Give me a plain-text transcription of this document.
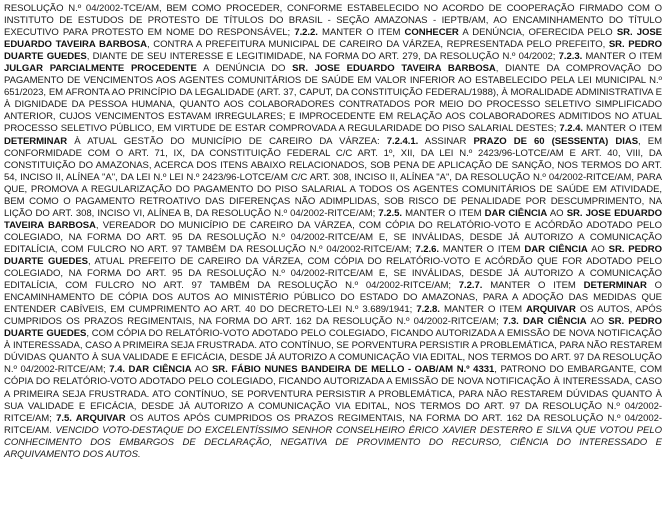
RESOLUÇÃO N.º 04/2002-TCE/AM, BEM COMO PROCEDER, CONFORME ESTABELECIDO NO ACORDO DE COOPERAÇÃO FIRMADO COM O INSTITUTO DE ESTUDOS DE PROTESTO DE TÍTULOS DO BRASIL - SEÇÃO AMAZONAS - IEPTB/AM, AO ENCAMINHAMENTO DO TÍTULO EXECUTIVO PARA PROTESTO EM NOME DO RESPONSÁVEL; 7.2.2. MANTER O ITEM CONHECER A DENÚNCIA, OFERECIDA PELO SR. JOSE EDUARDO TAVEIRA BARBOSA, CONTRA A PREFEITURA MUNICIPAL DE CAREIRO DA VÁRZEA, REPRESENTADA PELO PREFEITO, SR. PEDRO DUARTE GUEDES, DIANTE DE SEU INTERESSE E LEGITIMIDADE, NA FORMA DO ART. 279, DA RESOLUÇÃO N.º 04/2002; 7.2.3. MANTER O ITEM JULGAR PARCIALMENTE PROCEDENTE A DENÚNCIA DO SR. JOSE EDUARDO TAVEIRA BARBOSA, DIANTE DA COMPROVAÇÃO DO PAGAMENTO DE VENCIMENTOS AOS AGENTES COMUNITÁRIOS DE SAÚDE EM VALOR INFERIOR AO ESTABELECIDO PELA LEI MUNICIPAL N.º 651/2023, EM AFRONTA AO PRINCÍPIO DA LEGALIDADE (ART. 37, CAPUT, DA CONSTITUIÇÃO FEDERAL/1988), À MORALIDADE ADMINISTRATIVA E À DIGNIDADE DA PESSOA HUMANA, QUANTO AOS COLABORADORES CONTRATADOS POR MEIO DO PROCESSO SELETIVO SIMPLIFICADO ANTERIOR, CUJOS VENCIMENTOS ESTAVAM IRREGULARES; E IMPROCEDENTE EM RELAÇÃO AOS COLABORADORES ADMITIDOS NO ATUAL PROCESSO SELETIVO PÚBLICO, EM VIRTUDE DE ESTAR COMPROVADA A REGULARIDADE DO PISO SALARIAL DESTES; 7.2.4. MANTER O ITEM DETERMINAR À ATUAL GESTÃO DO MUNICÍPIO DE CAREIRO DA VÁRZEA: 7.2.4.1. ASSINAR PRAZO DE 60 (SESSENTA) DIAS, EM CONFORMIDADE COM O ART. 71, IX, DA CONSTITUIÇÃO FEDERAL C/C ART. 1º, XII, DA LEI N.º 2423/96-LOTCE/AM E ART. 40, VIII, DA CONSTITUIÇÃO DO AMAZONAS, ACERCA DOS ITENS ABAIXO RELACIONADOS, SOB PENA DE APLICAÇÃO DE SANÇÃO, NOS TERMOS DO ART. 54, INCISO II, ALÍNEA "A", DA LEI N.º LEI N.º 2423/96-LOTCE/AM C/C ART. 308, INCISO II, ALÍNEA "A", DA RESOLUÇÃO N.º 04/2002-RITCE/AM, PARA QUE, PROMOVA A REGULARIZAÇÃO DO PAGAMENTO DO PISO SALARIAL A TODOS OS AGENTES COMUNITÁRIOS DE SAÚDE EM ATIVIDADE, BEM COMO O PAGAMENTO RETROATIVO DAS DIFERENÇAS NÃO ADIMPLIDAS, SOB RISCO DE PENALIDADE POR DESCUMPRIMENTO, NA LIÇÃO DO ART. 308, INCISO VI, ALÍNEA B, DA RESOLUÇÃO N.º 04/2002-RITCE/AM; 7.2.5. MANTER O ITEM DAR CIÊNCIA AO SR. JOSE EDUARDO TAVEIRA BARBOSA, VEREADOR DO MUNICÍPIO DE CAREIRO DA VÁRZEA, COM CÓPIA DO RELATÓRIO-VOTO E ACÓRDÃO ADOTADO PELO COLEGIADO, NA FORMA DO ART. 95 DA RESOLUÇÃO N.º 04/2002-RITCE/AM E, SE INVÁLIDAS, DESDE JÁ AUTORIZO A COMUNICAÇÃO EDITALÍCIA, COM FULCRO NO ART. 97 TAMBÉM DA RESOLUÇÃO N.º 04/2002-RITCE/AM; 7.2.6. MANTER O ITEM DAR CIÊNCIA AO SR. PEDRO DUARTE GUEDES, ATUAL PREFEITO DE CAREIRO DA VÁRZEA, COM CÓPIA DO RELATÓRIO-VOTO E ACÓRDÃO QUE FOR ADOTADO PELO COLEGIADO, NA FORMA DO ART. 95 DA RESOLUÇÃO N.º 04/2002-RITCE/AM E, SE INVÁLIDAS, DESDE JÁ AUTORIZO A COMUNICAÇÃO EDITALÍCIA, COM FULCRO NO ART. 97 TAMBÉM DA RESOLUÇÃO N.º 04/2002-RITCE/AM; 7.2.7. MANTER O ITEM DETERMINAR O ENCAMINHAMENTO DE CÓPIA DOS AUTOS AO MINISTÉRIO PÚBLICO DO ESTADO DO AMAZONAS, PARA A ADOÇÃO DAS MEDIDAS QUE ENTENDER CABÍVEIS, EM CUMPRIMENTO AO ART. 40 DO DECRETO-LEI N.º 3.689/1941; 7.2.8. MANTER O ITEM ARQUIVAR OS AUTOS, APÓS CUMPRIDOS OS PRAZOS REGIMENTAIS, NA FORMA DO ART. 162 DA RESOLUÇÃO N.º 04/2002-RITCE/AM; 7.3. DAR CIÊNCIA AO SR. PEDRO DUARTE GUEDES, COM CÓPIA DO RELATÓRIO-VOTO ADOTADO PELO COLEGIADO, FICANDO AUTORIZADA A EMISSÃO DE NOVA NOTIFICAÇÃO À INTERESSADA, CASO A PRIMEIRA SEJA FRUSTRADA. ATO CONTÍNUO, SE PORVENTURA PERSISTIR A PROBLEMÁTICA, PARA NÃO RESTAREM DÚVIDAS QUANTO À SUA VALIDADE E EFICÁCIA, DESDE JÁ AUTORIZO A COMUNICAÇÃO VIA EDITAL, NOS TERMOS DO ART. 97 DA RESOLUÇÃO N.º 04/2002-RITCE/AM; 7.4. DAR CIÊNCIA AO SR. FÁBIO NUNES BANDEIRA DE MELLO - OAB/AM N.º 4331, PATRONO DO EMBARGANTE, COM CÓPIA DO RELATÓRIO-VOTO ADOTADO PELO COLEGIADO, FICANDO AUTORIZADA A EMISSÃO DE NOVA NOTIFICAÇÃO À INTERESSADA, CASO A PRIMEIRA SEJA FRUSTRADA. ATO CONTÍNUO, SE PORVENTURA PERSISTIR A PROBLEMÁTICA, PARA NÃO RESTAREM DÚVIDAS QUANTO À SUA VALIDADE E EFICÁCIA, DESDE JÁ AUTORIZO A COMUNICAÇÃO VIA EDITAL, NOS TERMOS DO ART. 97 DA RESOLUÇÃO N.º 04/2002-RITCE/AM; 7.5. ARQUIVAR OS AUTOS APÓS CUMPRIDOS OS PRAZOS REGIMENTAIS, NA FORMA DO ART. 162 DA RESOLUÇÃO N.º 04/2002-RITCE/AM. VENCIDO VOTO-DESTAQUE DO EXCELENTÍSSIMO SENHOR CONSELHEIRO ÉRICO XAVIER DESTERRO E SILVA QUE VOTOU PELO CONHECIMENTO DOS EMBARGOS DE DECLARAÇÃO, NEGATIVA DE PROVIMENTO DO RECURSO, CIÊNCIA DO INTERESSADO E ARQUIVAMENTO DOS AUTOS.
